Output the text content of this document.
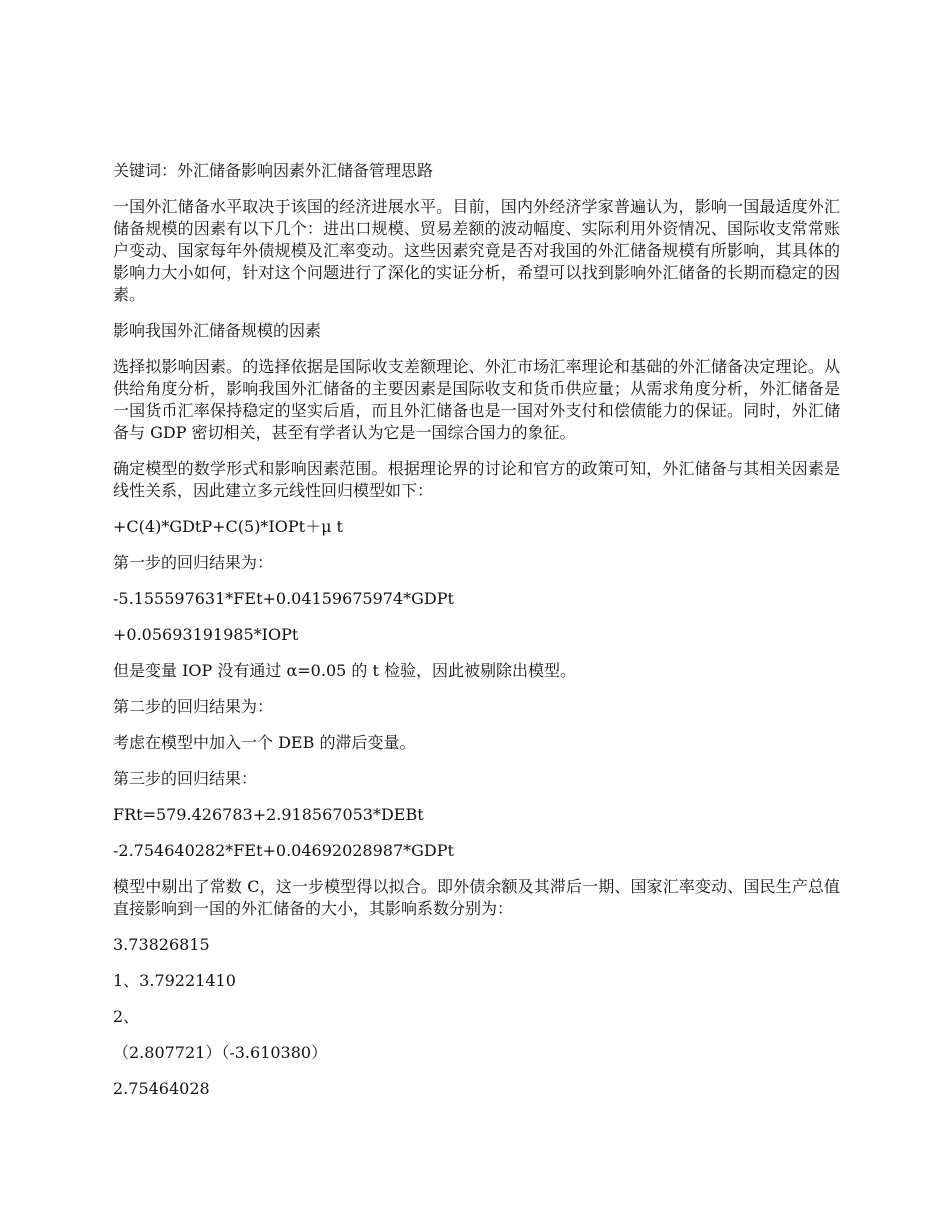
关键词：外汇储备影响因素外汇储备管理思路

一国外汇储备水平取决于该国的经济进展水平。目前，国内外经济学家普遍认为，影响一国最适度外汇储备规模的因素有以下几个：进出口规模、贸易差额的波动幅度、实际利用外资情况、国际收支常常账户变动、国家每年外债规模及汇率变动。这些因素究竟是否对我国的外汇储备规模有所影响，其具体的影响力大小如何，针对这个问题进行了深化的实证分析，希望可以找到影响外汇储备的长期而稳定的因素。

影响我国外汇储备规模的因素

选择拟影响因素。的选择依据是国际收支差额理论、外汇市场汇率理论和基础的外汇储备决定理论。从供给角度分析，影响我国外汇储备的主要因素是国际收支和货币供应量；从需求角度分析，外汇储备是一国货币汇率保持稳定的坚实后盾，而且外汇储备也是一国对外支付和偿债能力的保证。同时，外汇储备与 GDP 密切相关，甚至有学者认为它是一国综合国力的象征。

确定模型的数学形式和影响因素范围。根据理论界的讨论和官方的政策可知，外汇储备与其相关因素是线性关系，因此建立多元线性回归模型如下：

+C(4)*GDtP+C(5)*IOPt＋μ t

第一步的回归结果为：

-5.155597631*FEt+0.04159675974*GDPt

+0.05693191985*IOPt

但是变量 IOP 没有通过 α=0.05 的 t 检验，因此被剔除出模型。

第二步的回归结果为：

考虑在模型中加入一个 DEB 的滞后变量。

第三步的回归结果：

FRt=579.426783+2.918567053*DEBt

-2.754640282*FEt+0.04692028987*GDPt

模型中剔出了常数 C，这一步模型得以拟合。即外债余额及其滞后一期、国家汇率变动、国民生产总值直接影响到一国的外汇储备的大小，其影响系数分别为：

3.73826815

1、3.79221410

2、

（2.807721）（-3.610380）

2.75464028
